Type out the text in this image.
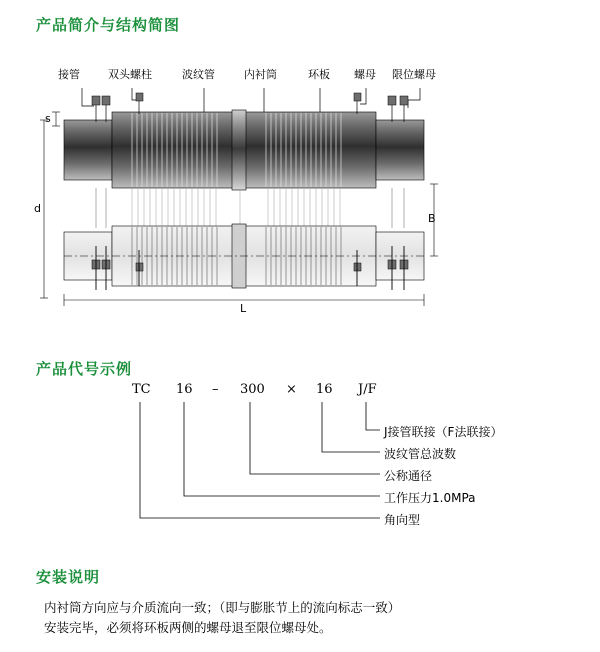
产品简介与结构简图
接管	双头螺柱	波纹管	内衬筒	环板 螺母 限位螺母
s
d
B
L
产品代号示例
TC 16 – 300 × 16 J/F
J接管联接（F法联接）
波纹管总波数
公称通径
工作压力1.0MPa
角向型
安装说明
内衬筒方向应与介质流向一致；（即与膨胀节上的流向标志一致）
安装完毕，必须将环板两侧的螺母退至限位螺母处。
